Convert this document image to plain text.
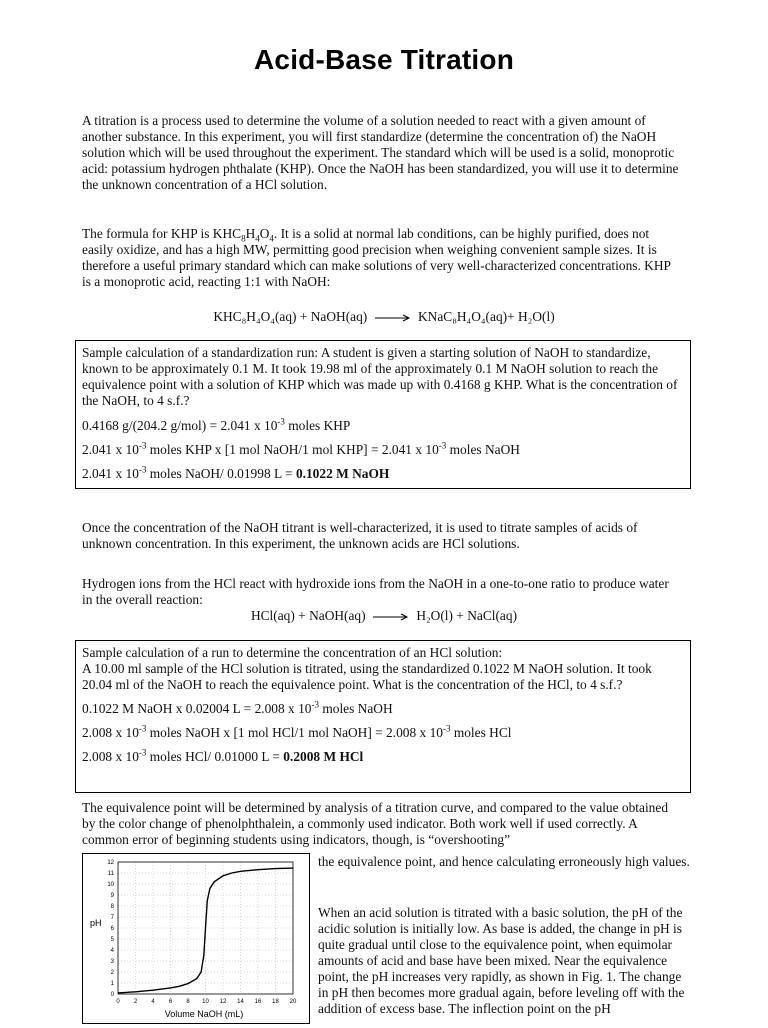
Acid-Base Titration

A titration is a process used to determine the volume of a solution needed to react with a given amount of another substance. In this experiment, you will first standardize (determine the concentration of) the NaOH solution which will be used throughout the experiment. The standard which will be used is a solid, monoprotic acid: potassium hydrogen phthalate (KHP). Once the NaOH has been standardized, you will use it to determine the unknown concentration of a HCl solution.

The formula for KHP is $KHC_8H_4O_4$. It is a solid at normal lab conditions, can be highly purified, does not easily oxidize, and has a high MW, permitting good precision when weighing convenient sample sizes. It is therefore a useful primary standard which can make solutions of very well-characterized concentrations. KHP is a monoprotic acid, reacting 1:1 with NaOH:

KHC₈H₄O₄(aq) + NaOH(aq) → KNaC₈H₄O₄(aq)+ H₂O(l)

Sample calculation of a standardization run: A student is given a starting solution of NaOH to standardize, known to be approximately 0.1 M. It took 19.98 ml of the approximately 0.1 M NaOH solution to reach the equivalence point with a solution of KHP which was made up with 0.4168 g KHP. What is the concentration of the NaOH, to 4 s.f.?

0.4168 g/(204.2 g/mol) = 2.041 x $10^{-3}$ moles KHP

2.041 x $10^{-3}$ moles KHP x [1 mol NaOH/1 mol KHP] = 2.041 x $10^{-3}$ moles NaOH

2.041 x $10^{-3}$ moles NaOH/ 0.01998 L = 0.1022 M NaOH

Once the concentration of the NaOH titrant is well-characterized, it is used to titrate samples of acids of unknown concentration. In this experiment, the unknown acids are HCl solutions.

Hydrogen ions from the HCl react with hydroxide ions from the NaOH in a one-to-one ratio to produce water in the overall reaction:

HCl(aq) + NaOH(aq) → H₂O(l) + NaCl(aq)

Sample calculation of a run to determine the concentration of an HCl solution:

A 10.00 ml sample of the HCl solution is titrated, using the standardized 0.1022 M NaOH solution. It took 20.04 ml of the NaOH to reach the equivalence point. What is the concentration of the HCl, to 4 s.f.?

0.1022 M NaOH x 0.02004 L = 2.008 x $10^{-3}$ moles NaOH

2.008 x $10^{-3}$ moles NaOH x [1 mol HCl/1 mol NaOH] = 2.008 x $10^{-3}$ moles HCl

2.008 x $10^{-3}$ moles HCl/ 0.01000 L = 0.2008 M HCl

The equivalence point will be determined by analysis of a titration curve, and compared to the value obtained by the color change of phenolphthalein, a commonly used indicator. Both work well if used correctly. A common error of beginning students using indicators, though, is “overshooting”

0 2 4 6 8 10 12 14 16 18 20
0
1
2
3
4
5
6
7
8
9
10
11
12
pH
Volume NaOH (mL)

the equivalence point, and hence calculating erroneously high values.

When an acid solution is titrated with a basic solution, the pH of the acidic solution is initially low. As base is added, the change in pH is quite gradual until close to the equivalence point, when equimolar amounts of acid and base have been mixed. Near the equivalence point, the pH increases very rapidly, as shown in Fig. 1. The change in pH then becomes more gradual again, before leveling off with the addition of excess base. The inflection point on the pH
